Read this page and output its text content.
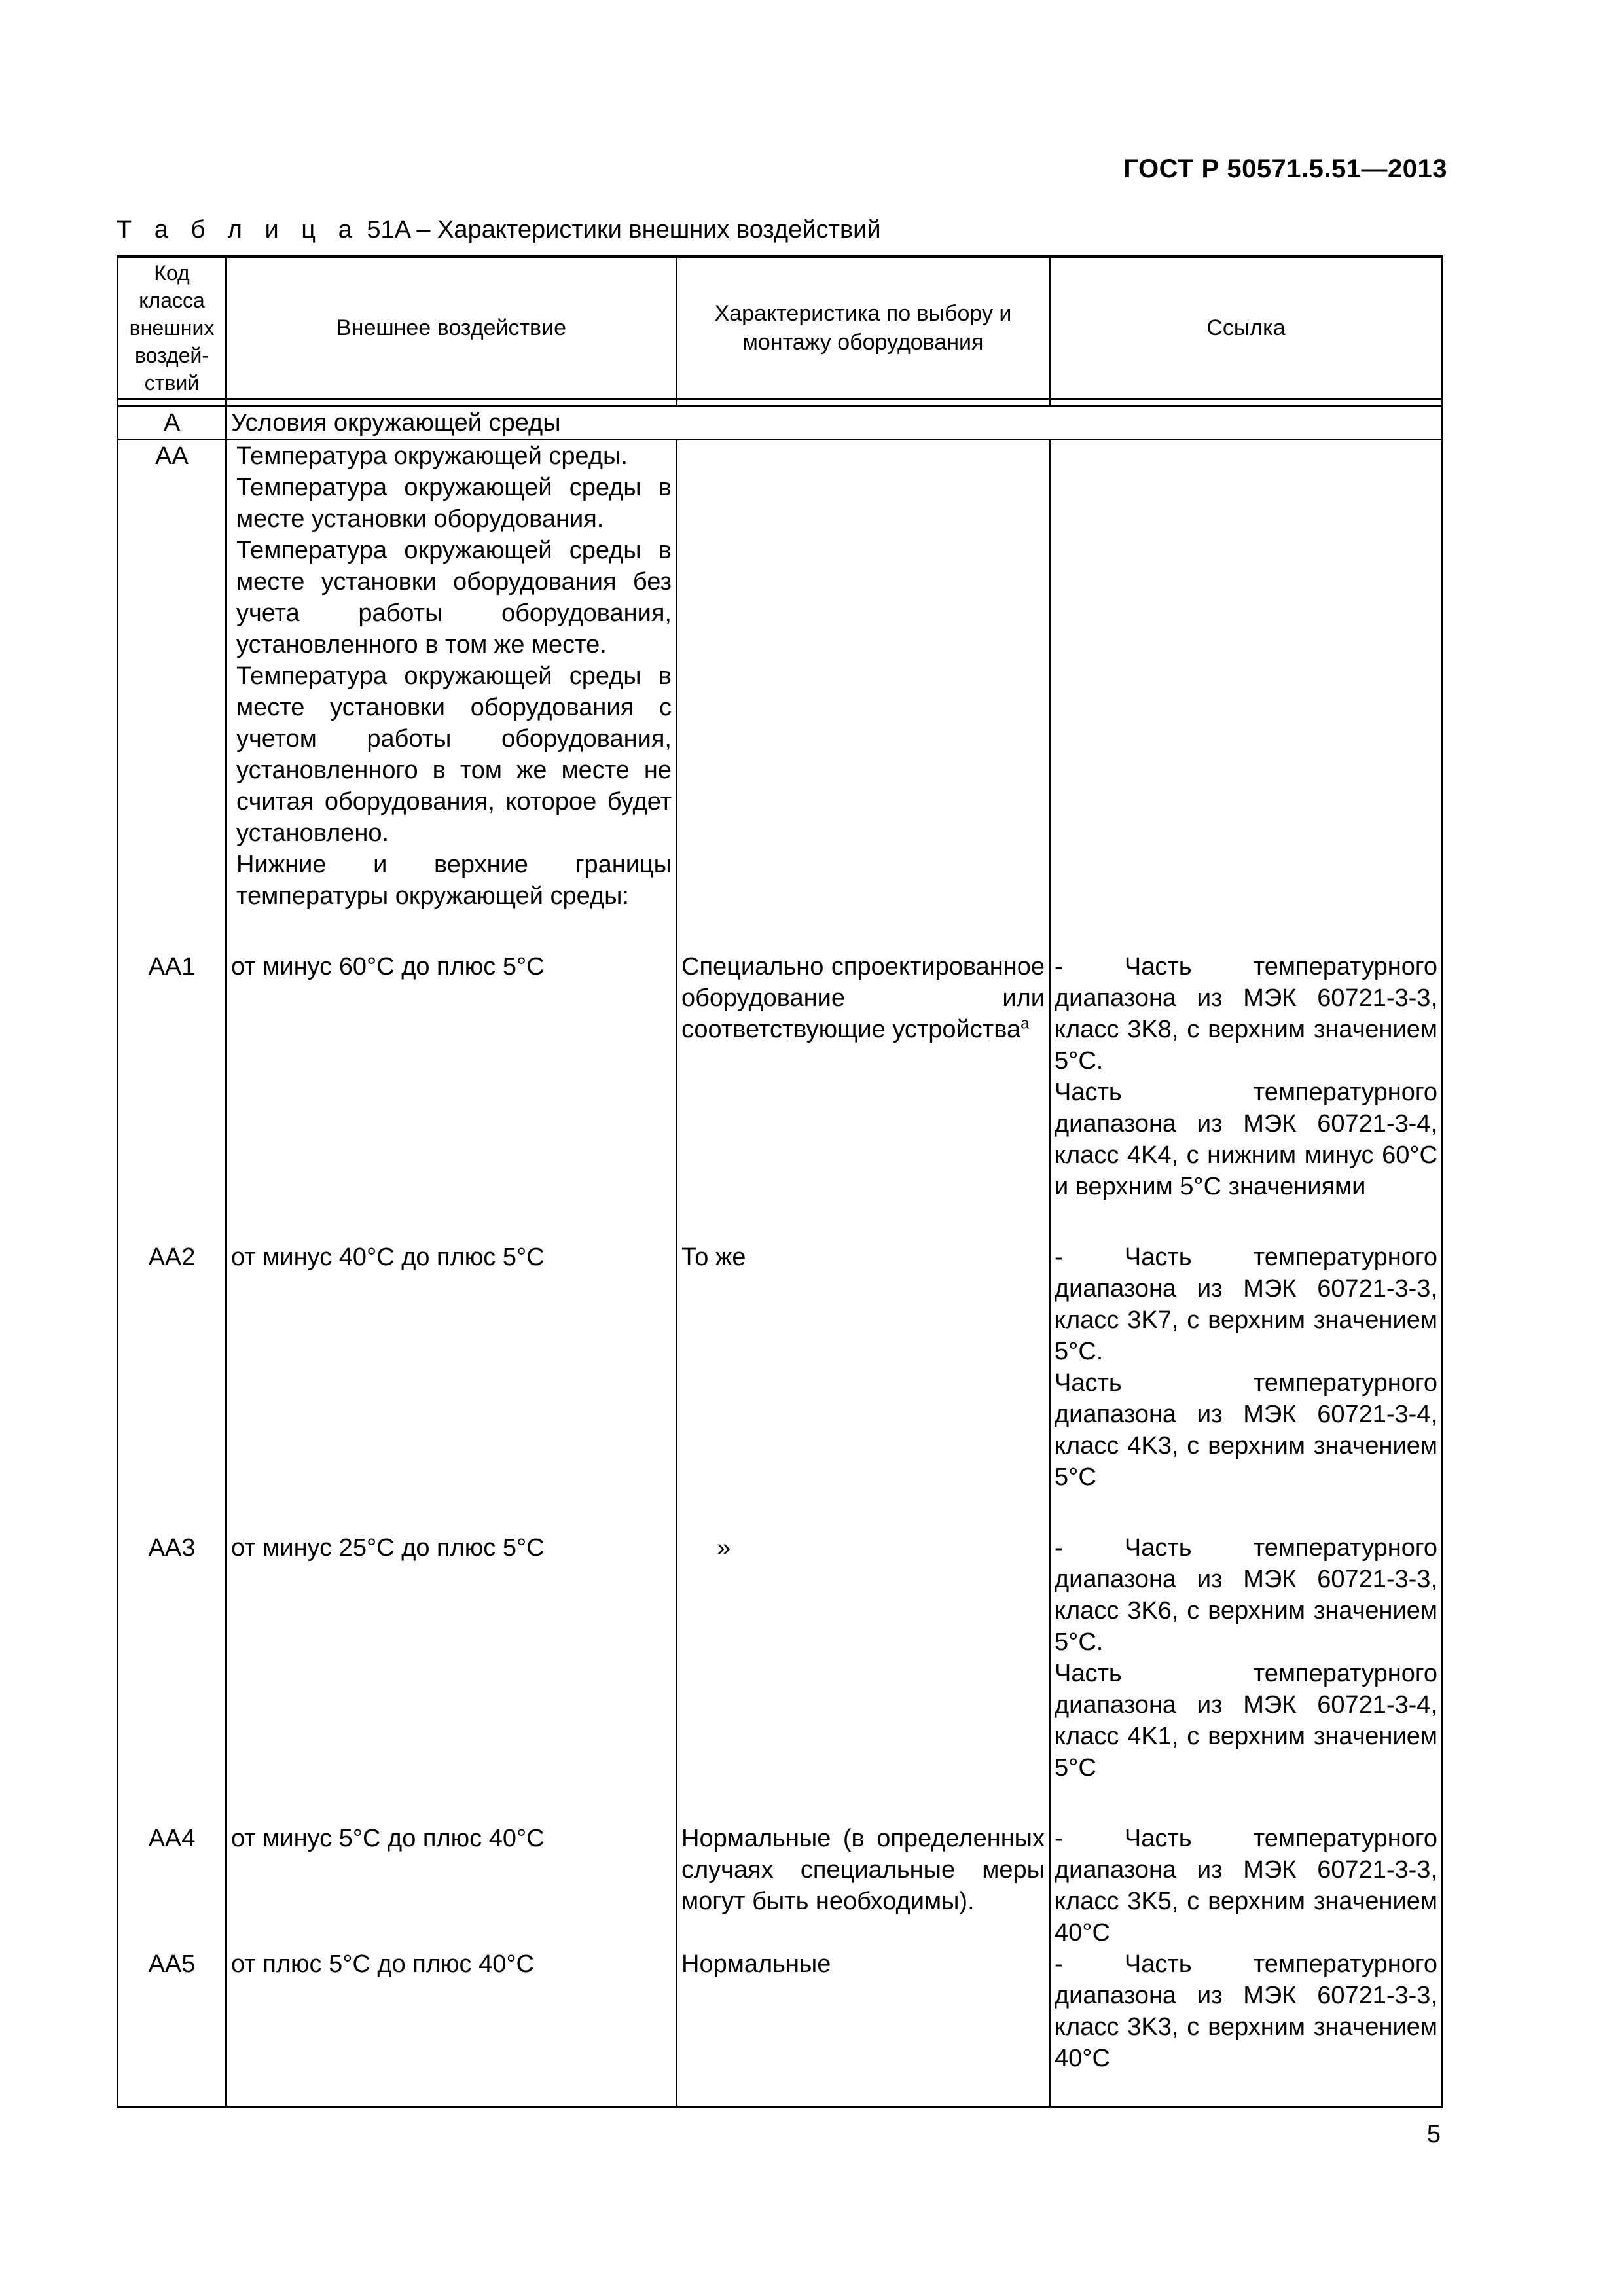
ГОСТ Р 50571.5.51—2013
Т а б л и ц а 51A – Характеристики внешних воздействий
Код
класса
внешних
воздей-
ствий	Внешнее воздействие	Характеристика по выбору и монтажу оборудования	Ссылка

A	Условия окружающей среды		
AA	Температура окружающей среды.
Температура окружающей среды в месте установки оборудования.
Температура окружающей среды в месте установки оборудования без учета работы оборудования, установленного в том же месте.
Температура окружающей среды в месте установки оборудования с учетом работы оборудования, установленного в том же месте не считая оборудования, которое будет установлено.
Нижние и верхние границы температуры окружающей среды:		

AA1	от минус 60°С до плюс 5°С	Специально спроектированное оборудование или соответствующие устройства$^a$	- Часть температурного диапазона из МЭК 60721-3-3, класс 3K8, с верхним значением 5°С.
Часть температурного диапазона из МЭК 60721-3-4, класс 4K4, с нижним минус 60°С и верхним 5°С значениями

AA2	от минус 40°С до плюс 5°С	То же	- Часть температурного диапазона из МЭК 60721-3-3, класс 3K7, с верхним значением 5°С.
Часть температурного диапазона из МЭК 60721-3-4, класс 4K3, с верхним значением 5°С

AA3	от минус 25°С до плюс 5°С	»	- Часть температурного диапазона из МЭК 60721-3-3, класс 3K6, с верхним значением 5°С.
Часть температурного диапазона из МЭК 60721-3-4, класс 4K1, с верхним значением 5°С

AA4	от минус 5°С до плюс 40°С	Нормальные (в определенных случаях специальные меры могут быть необходимы).	- Часть температурного диапазона из МЭК 60721-3-3, класс 3K5, с верхним значением 40°С

AA5	от плюс 5°С до плюс 40°С	Нормальные	- Часть температурного диапазона из МЭК 60721-3-3, класс 3K3, с верхним значением 40°С
5
